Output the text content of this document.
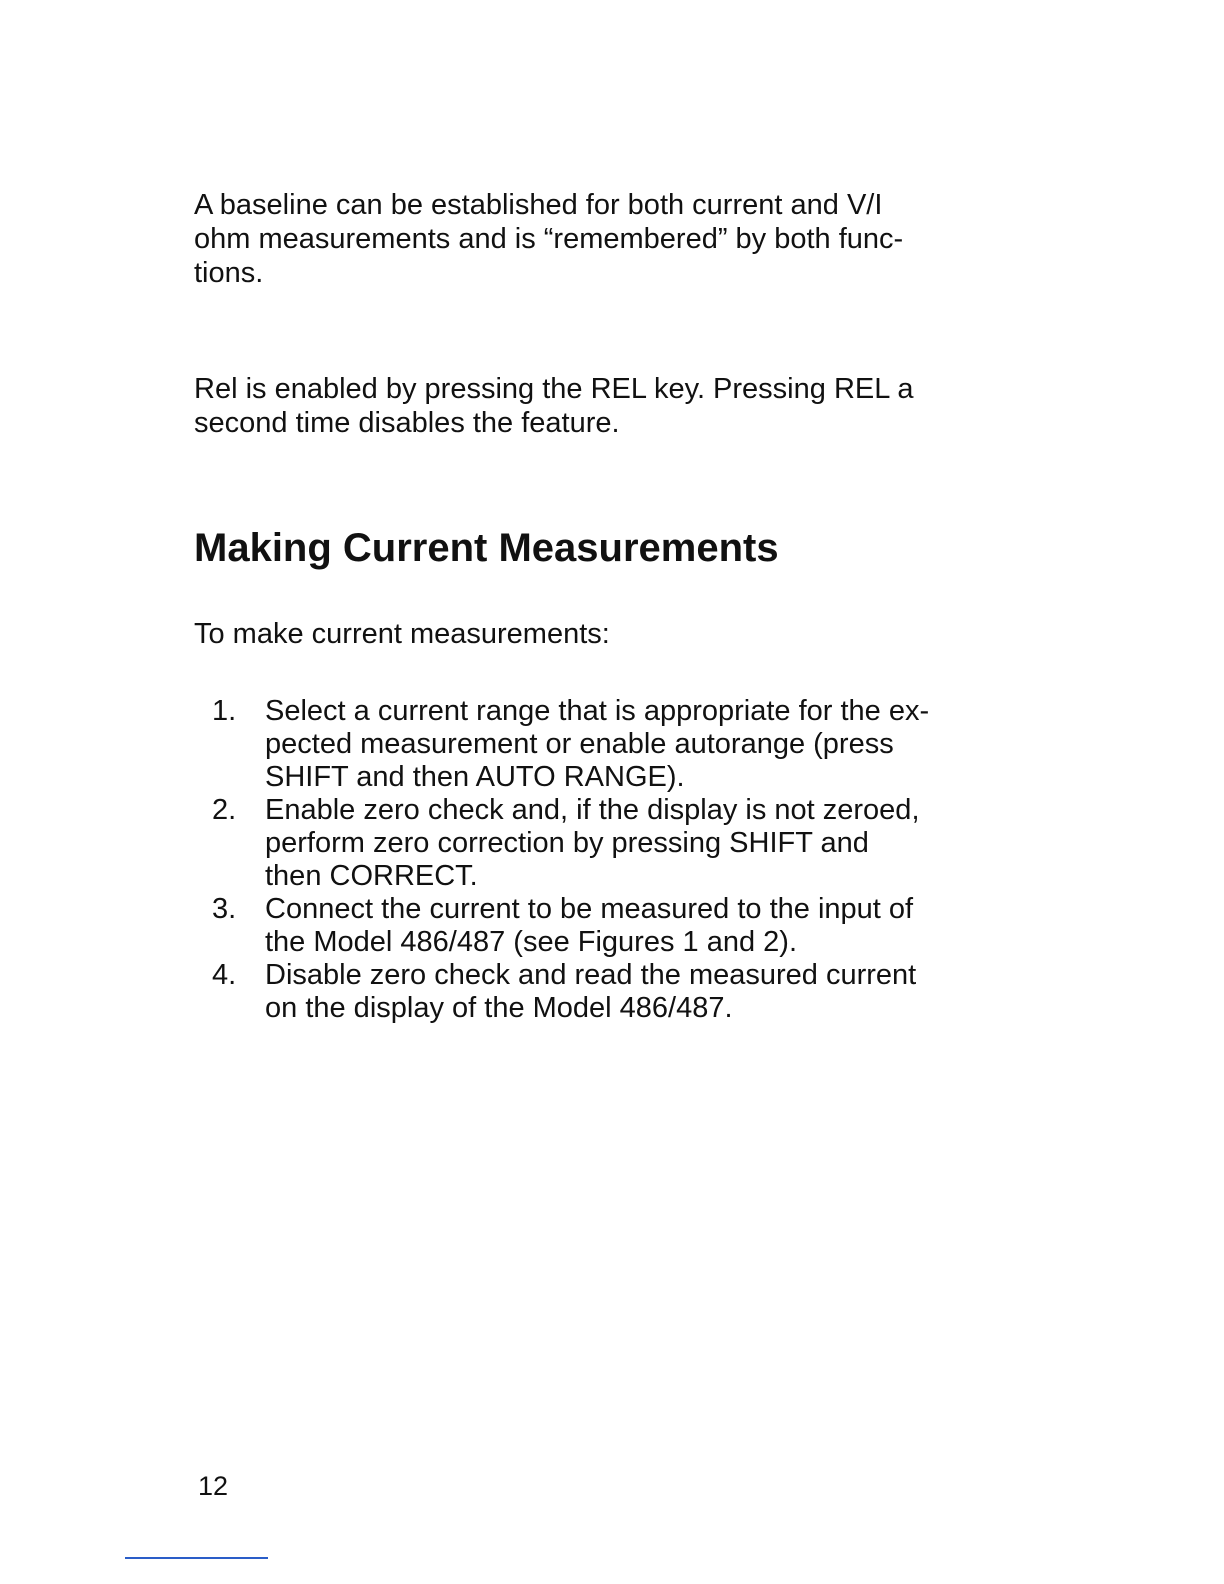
A baseline can be established for both current and V/I
ohm measurements and is “remembered” by both func-
tions.

Rel is enabled by pressing the REL key. Pressing REL a
second time disables the feature.

Making Current Measurements

To make current measurements:

1. Select a current range that is appropriate for the ex-
pected measurement or enable autorange (press
SHIFT and then AUTO RANGE).
2. Enable zero check and, if the display is not zeroed,
perform zero correction by pressing SHIFT and
then CORRECT.
3. Connect the current to be measured to the input of
the Model 486/487 (see Figures 1 and 2).
4. Disable zero check and read the measured current
on the display of the Model 486/487.

12
